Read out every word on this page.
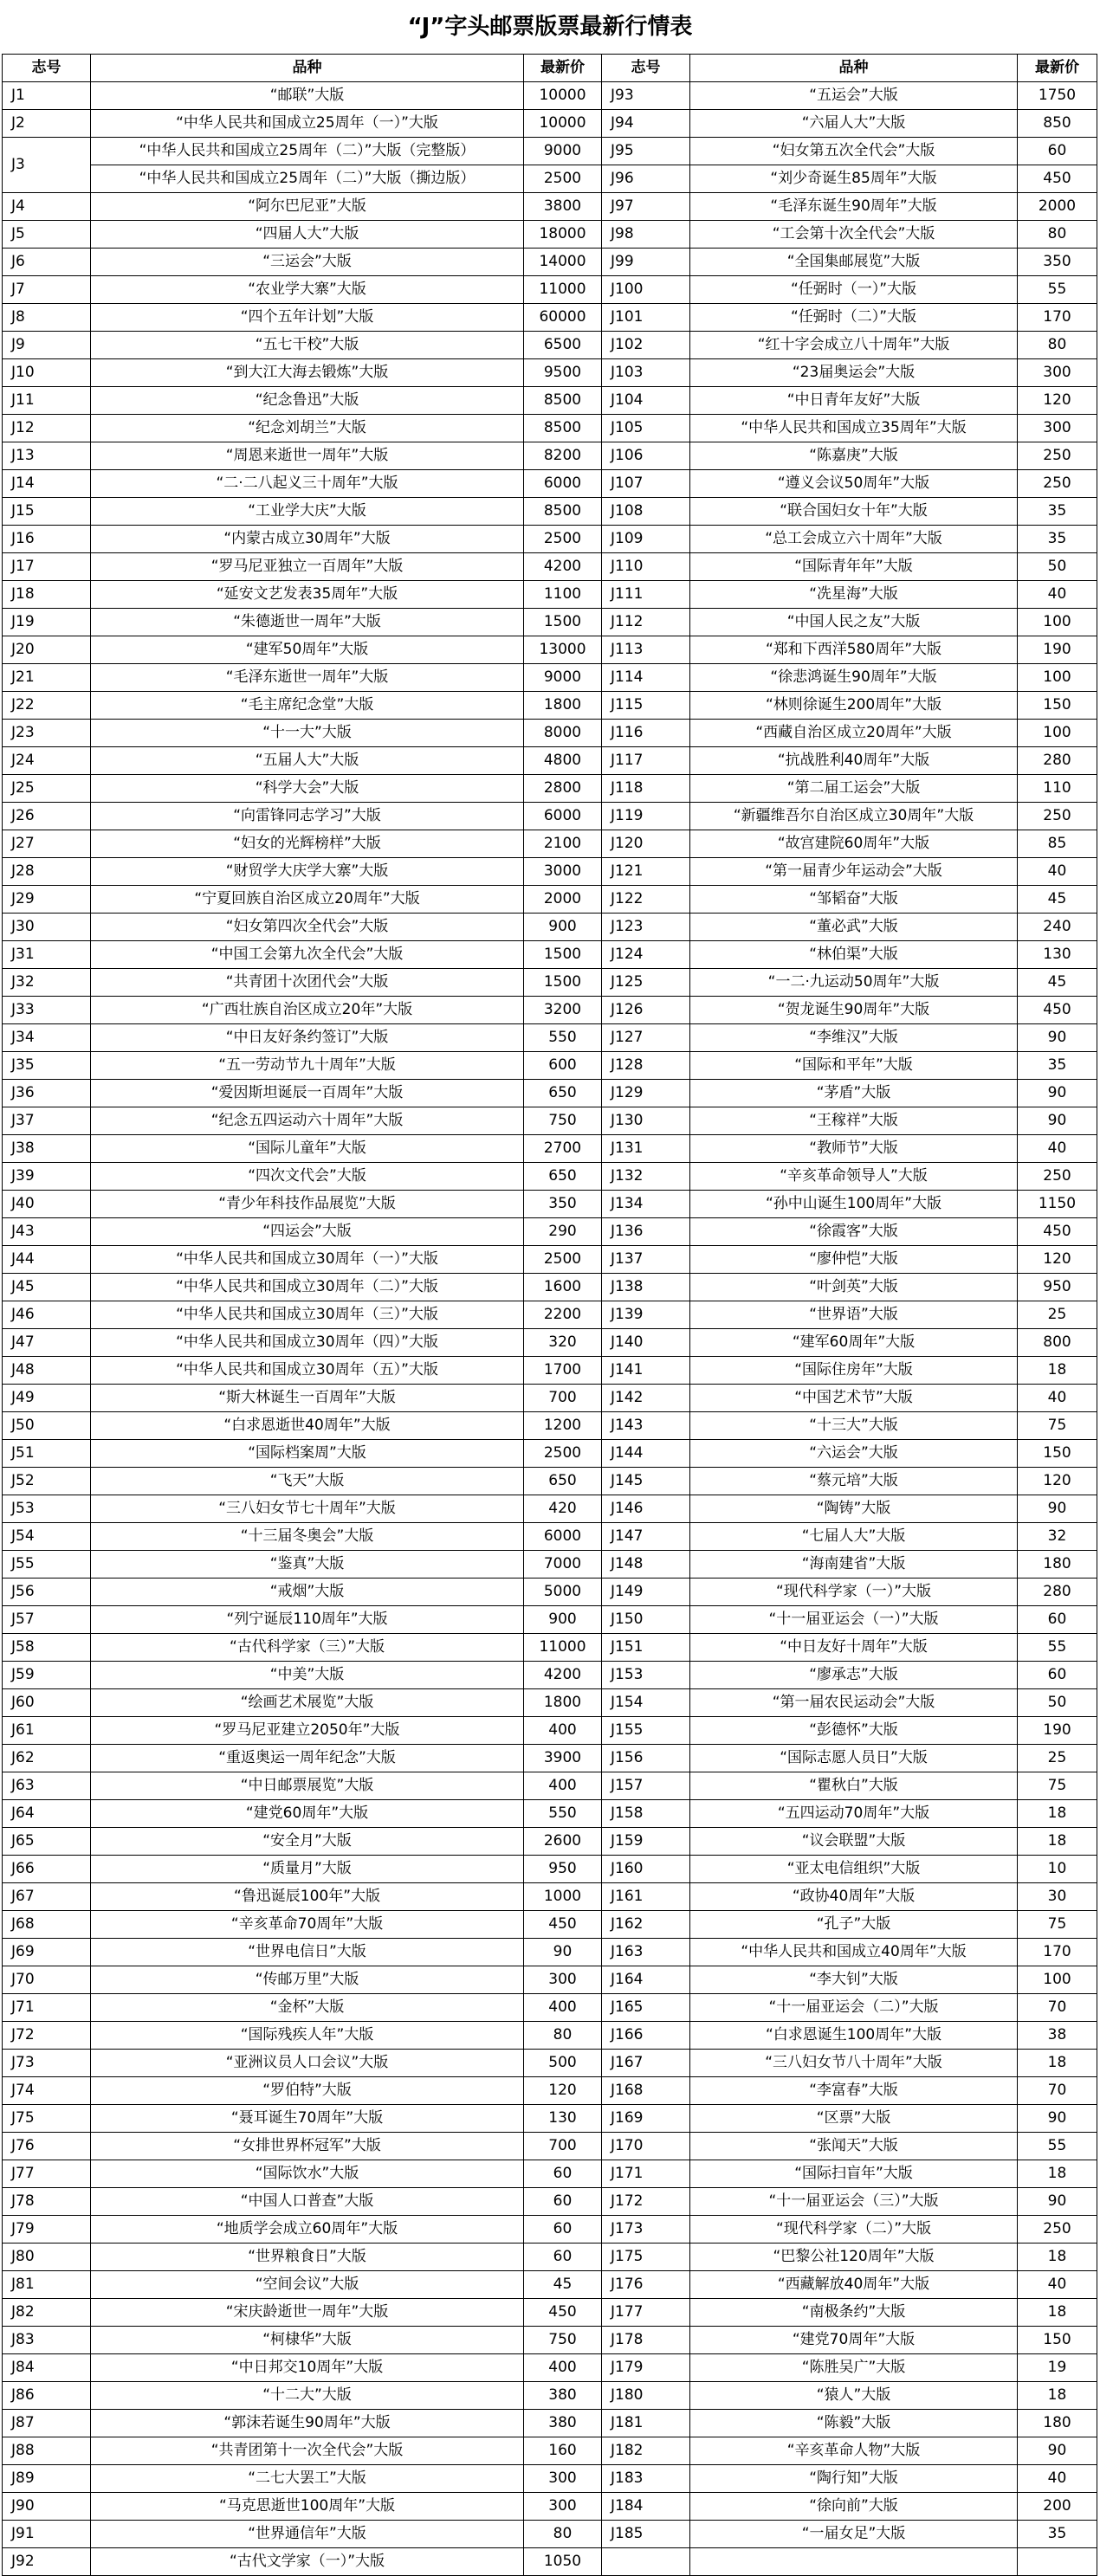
“J”字头邮票版票最新行情表
志号	品种	最新价	志号	品种	最新价
J1	“邮联”大版	10000	J93	“五运会”大版	1750
J2	“中华人民共和国成立25周年（一）”大版	10000	J94	“六届人大”大版	850
J3	“中华人民共和国成立25周年（二）”大版（完整版）	9000	J95	“妇女第五次全代会”大版	60
	“中华人民共和国成立25周年（二）”大版（撕边版）	2500	J96	“刘少奇诞生85周年”大版	450
J4	“阿尔巴尼亚”大版	3800	J97	“毛泽东诞生90周年”大版	2000
J5	“四届人大”大版	18000	J98	“工会第十次全代会”大版	80
J6	“三运会”大版	14000	J99	“全国集邮展览”大版	350
J7	“农业学大寨”大版	11000	J100	“任弼时（一）”大版	55
J8	“四个五年计划”大版	60000	J101	“任弼时（二）”大版	170
J9	“五七干校”大版	6500	J102	“红十字会成立八十周年”大版	80
J10	“到大江大海去锻炼”大版	9500	J103	“23届奥运会”大版	300
J11	“纪念鲁迅”大版	8500	J104	“中日青年友好”大版	120
J12	“纪念刘胡兰”大版	8500	J105	“中华人民共和国成立35周年”大版	300
J13	“周恩来逝世一周年”大版	8200	J106	“陈嘉庚”大版	250
J14	“二·二八起义三十周年”大版	6000	J107	“遵义会议50周年”大版	250
J15	“工业学大庆”大版	8500	J108	“联合国妇女十年”大版	35
J16	“内蒙古成立30周年”大版	2500	J109	“总工会成立六十周年”大版	35
J17	“罗马尼亚独立一百周年”大版	4200	J110	“国际青年年”大版	50
J18	“延安文艺发表35周年”大版	1100	J111	“冼星海”大版	40
J19	“朱德逝世一周年”大版	1500	J112	“中国人民之友”大版	100
J20	“建军50周年”大版	13000	J113	“郑和下西洋580周年”大版	190
J21	“毛泽东逝世一周年”大版	9000	J114	“徐悲鸿诞生90周年”大版	100
J22	“毛主席纪念堂”大版	1800	J115	“林则徐诞生200周年”大版	150
J23	“十一大”大版	8000	J116	“西藏自治区成立20周年”大版	100
J24	“五届人大”大版	4800	J117	“抗战胜利40周年”大版	280
J25	“科学大会”大版	2800	J118	“第二届工运会”大版	110
J26	“向雷锋同志学习”大版	6000	J119	“新疆维吾尔自治区成立30周年”大版	250
J27	“妇女的光辉榜样”大版	2100	J120	“故宫建院60周年”大版	85
J28	“财贸学大庆学大寨”大版	3000	J121	“第一届青少年运动会”大版	40
J29	“宁夏回族自治区成立20周年”大版	2000	J122	“邹韬奋”大版	45
J30	“妇女第四次全代会”大版	900	J123	“董必武”大版	240
J31	“中国工会第九次全代会”大版	1500	J124	“林伯渠”大版	130
J32	“共青团十次团代会”大版	1500	J125	“一二·九运动50周年”大版	45
J33	“广西壮族自治区成立20年”大版	3200	J126	“贺龙诞生90周年”大版	450
J34	“中日友好条约签订”大版	550	J127	“李维汉”大版	90
J35	“五一劳动节九十周年”大版	600	J128	“国际和平年”大版	35
J36	“爱因斯坦诞辰一百周年”大版	650	J129	“茅盾”大版	90
J37	“纪念五四运动六十周年”大版	750	J130	“王稼祥”大版	90
J38	“国际儿童年”大版	2700	J131	“教师节”大版	40
J39	“四次文代会”大版	650	J132	“辛亥革命领导人”大版	250
J40	“青少年科技作品展览”大版	350	J134	“孙中山诞生100周年”大版	1150
J43	“四运会”大版	290	J136	“徐霞客”大版	450
J44	“中华人民共和国成立30周年（一）”大版	2500	J137	“廖仲恺”大版	120
J45	“中华人民共和国成立30周年（二）”大版	1600	J138	“叶剑英”大版	950
J46	“中华人民共和国成立30周年（三）”大版	2200	J139	“世界语”大版	25
J47	“中华人民共和国成立30周年（四）”大版	320	J140	“建军60周年”大版	800
J48	“中华人民共和国成立30周年（五）”大版	1700	J141	“国际住房年”大版	18
J49	“斯大林诞生一百周年”大版	700	J142	“中国艺术节”大版	40
J50	“白求恩逝世40周年”大版	1200	J143	“十三大”大版	75
J51	“国际档案周”大版	2500	J144	“六运会”大版	150
J52	“飞天”大版	650	J145	“蔡元培”大版	120
J53	“三八妇女节七十周年”大版	420	J146	“陶铸”大版	90
J54	“十三届冬奥会”大版	6000	J147	“七届人大”大版	32
J55	“鉴真”大版	7000	J148	“海南建省”大版	180
J56	“戒烟”大版	5000	J149	“现代科学家（一）”大版	280
J57	“列宁诞辰110周年”大版	900	J150	“十一届亚运会（一）”大版	60
J58	“古代科学家（三）”大版	11000	J151	“中日友好十周年”大版	55
J59	“中美”大版	4200	J153	“廖承志”大版	60
J60	“绘画艺术展览”大版	1800	J154	“第一届农民运动会”大版	50
J61	“罗马尼亚建立2050年”大版	400	J155	“彭德怀”大版	190
J62	“重返奥运一周年纪念”大版	3900	J156	“国际志愿人员日”大版	25
J63	“中日邮票展览”大版	400	J157	“瞿秋白”大版	75
J64	“建党60周年”大版	550	J158	“五四运动70周年”大版	18
J65	“安全月”大版	2600	J159	“议会联盟”大版	18
J66	“质量月”大版	950	J160	“亚太电信组织”大版	10
J67	“鲁迅诞辰100年”大版	1000	J161	“政协40周年”大版	30
J68	“辛亥革命70周年”大版	450	J162	“孔子”大版	75
J69	“世界电信日”大版	90	J163	“中华人民共和国成立40周年”大版	170
J70	“传邮万里”大版	300	J164	“李大钊”大版	100
J71	“金杯”大版	400	J165	“十一届亚运会（二）”大版	70
J72	“国际残疾人年”大版	80	J166	“白求恩诞生100周年”大版	38
J73	“亚洲议员人口会议”大版	500	J167	“三八妇女节八十周年”大版	18
J74	“罗伯特”大版	120	J168	“李富春”大版	70
J75	“聂耳诞生70周年”大版	130	J169	“区票”大版	90
J76	“女排世界杯冠军”大版	700	J170	“张闻天”大版	55
J77	“国际饮水”大版	60	J171	“国际扫盲年”大版	18
J78	“中国人口普查”大版	60	J172	“十一届亚运会（三）”大版	90
J79	“地质学会成立60周年”大版	60	J173	“现代科学家（二）”大版	250
J80	“世界粮食日”大版	60	J175	“巴黎公社120周年”大版	18
J81	“空间会议”大版	45	J176	“西藏解放40周年”大版	40
J82	“宋庆龄逝世一周年”大版	450	J177	“南极条约”大版	18
J83	“柯棣华”大版	750	J178	“建党70周年”大版	150
J84	“中日邦交10周年”大版	400	J179	“陈胜吴广”大版	19
J86	“十二大”大版	380	J180	“猿人”大版	18
J87	“郭沫若诞生90周年”大版	380	J181	“陈毅”大版	180
J88	“共青团第十一次全代会”大版	160	J182	“辛亥革命人物”大版	90
J89	“二七大罢工”大版	300	J183	“陶行知”大版	40
J90	“马克思逝世100周年”大版	300	J184	“徐向前”大版	200
J91	“世界通信年”大版	80	J185	“一届女足”大版	35
J92	“古代文学家（一）”大版	1050			
